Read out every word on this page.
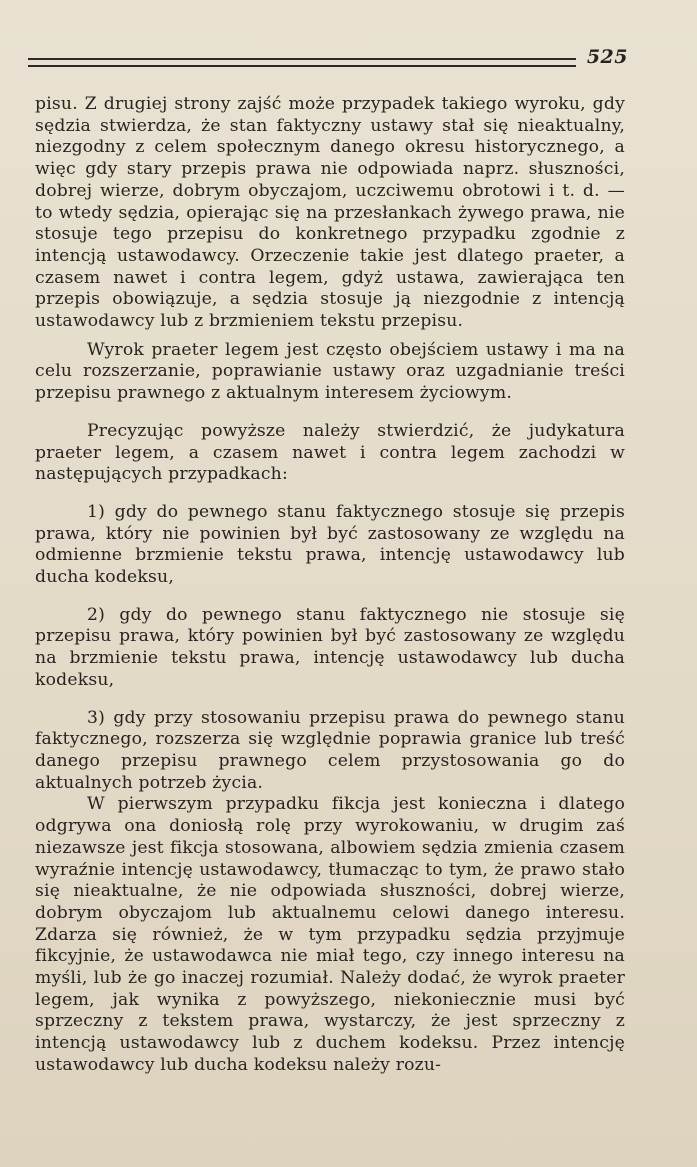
525

pisu. Z drugiej strony zajść może przypadek takiego wyroku, gdy sędzia stwierdza, że stan faktyczny ustawy stał się nieaktualny, niezgodny z celem społecznym danego okresu historycznego, a więc gdy stary przepis prawa nie odpowiada naprz. słuszności, dobrej wierze, dobrym obyczajom, uczciwemu obrotowi i t. d. — to wtedy sędzia, opierając się na przesłankach żywego prawa, nie stosuje tego przepisu do konkretnego przypadku zgodnie z intencją ustawodawcy. Orzeczenie takie jest dlatego praeter, a czasem nawet i contra legem, gdyż ustawa, zawierająca ten przepis obowiązuje, a sędzia stosuje ją niezgodnie z intencją ustawodawcy lub z brzmieniem tekstu przepisu.

Wyrok praeter legem jest często obejściem ustawy i ma na celu rozszerzanie, poprawianie ustawy oraz uzgadnianie treści przepisu prawnego z aktualnym interesem życiowym.

Precyzując powyższe należy stwierdzić, że judykatura praeter legem, a czasem nawet i contra legem zachodzi w następujących przypadkach:

1) gdy do pewnego stanu faktycznego stosuje się przepis prawa, który nie powinien był być zastosowany ze względu na odmienne brzmienie tekstu prawa, intencję ustawodawcy lub ducha kodeksu,

2) gdy do pewnego stanu faktycznego nie stosuje się przepisu prawa, który powinien był być zastosowany ze względu na brzmienie tekstu prawa, intencję ustawodawcy lub ducha kodeksu,

3) gdy przy stosowaniu przepisu prawa do pewnego stanu faktycznego, rozszerza się względnie poprawia granice lub treść danego przepisu prawnego celem przystosowania go do aktualnych potrzeb życia.

W pierwszym przypadku fikcja jest konieczna i dlatego odgrywa ona doniosłą rolę przy wyrokowaniu, w drugim zaś niezawsze jest fikcja stosowana, albowiem sędzia zmienia czasem wyraźnie intencję ustawodawcy, tłumacząc to tym, że prawo stało się nieaktualne, że nie odpowiada słuszności, dobrej wierze, dobrym obyczajom lub aktualnemu celowi danego interesu. Zdarza się również, że w tym przypadku sędzia przyjmuje fikcyjnie, że ustawodawca nie miał tego, czy innego interesu na myśli, lub że go inaczej rozumiał. Należy dodać, że wyrok praeter legem, jak wynika z powyższego, niekoniecznie musi być sprzeczny z tekstem prawa, wystarczy, że jest sprzeczny z intencją ustawodawcy lub z duchem kodeksu. Przez intencję ustawodawcy lub ducha kodeksu należy rozu-
